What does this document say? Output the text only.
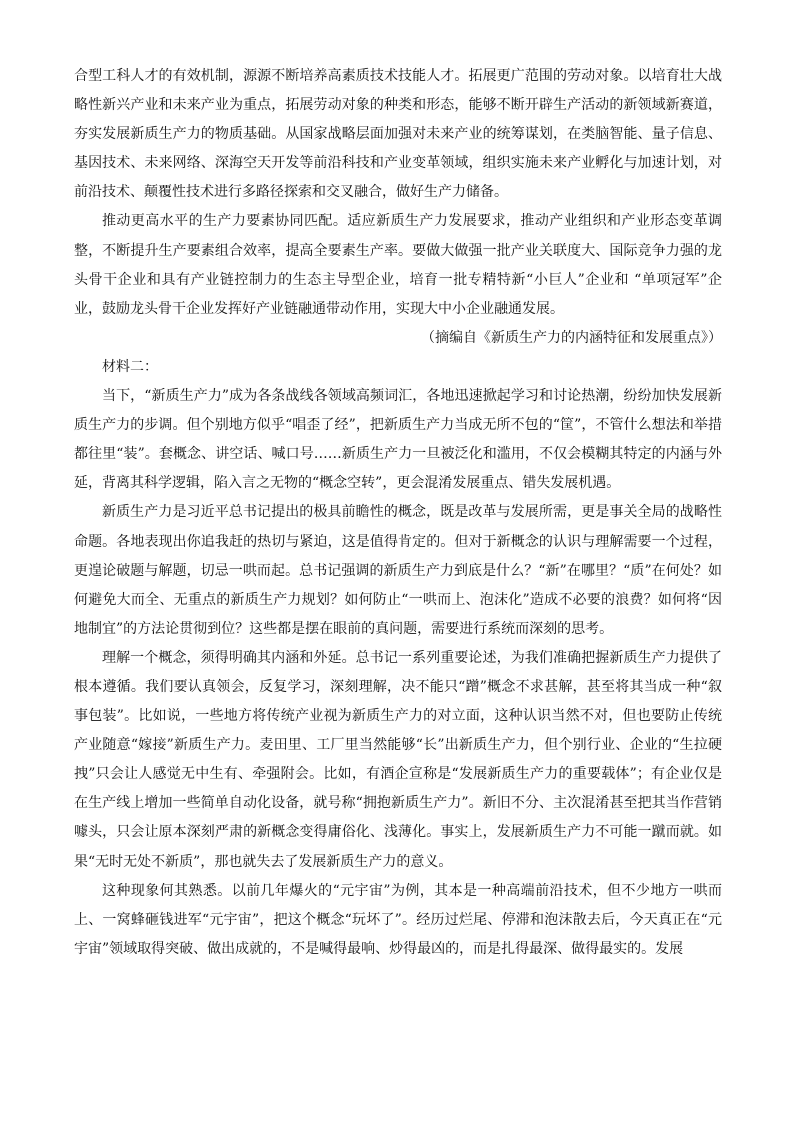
合型工科人才的有效机制，源源不断培养高素质技术技能人才。拓展更广范围的劳动对象。以培育壮大战略性新兴产业和未来产业为重点，拓展劳动对象的种类和形态，能够不断开辟生产活动的新领域新赛道，夯实发展新质生产力的物质基础。从国家战略层面加强对未来产业的统筹谋划，在类脑智能、量子信息、基因技术、未来网络、深海空天开发等前沿科技和产业变革领域，组织实施未来产业孵化与加速计划，对前沿技术、颠覆性技术进行多路径探索和交叉融合，做好生产力储备。

推动更高水平的生产力要素协同匹配。适应新质生产力发展要求，推动产业组织和产业形态变革调整，不断提升生产要素组合效率，提高全要素生产率。要做大做强一批产业关联度大、国际竞争力强的龙头骨干企业和具有产业链控制力的生态主导型企业，培育一批专精特新“小巨人”企业和 “单项冠军”企业，鼓励龙头骨干企业发挥好产业链融通带动作用，实现大中小企业融通发展。

（摘编自《新质生产力的内涵特征和发展重点》）

材料二：

当下，“新质生产力”成为各条战线各领域高频词汇，各地迅速掀起学习和讨论热潮，纷纷加快发展新质生产力的步调。但个别地方似乎“唱歪了经”，把新质生产力当成无所不包的“筐”，不管什么想法和举措都往里“装”。套概念、讲空话、喊口号……新质生产力一旦被泛化和滥用，不仅会模糊其特定的内涵与外延，背离其科学逻辑，陷入言之无物的“概念空转”，更会混淆发展重点、错失发展机遇。

新质生产力是习近平总书记提出的极具前瞻性的概念，既是改革与发展所需，更是事关全局的战略性命题。各地表现出你追我赶的热切与紧迫，这是值得肯定的。但对于新概念的认识与理解需要一个过程，更遑论破题与解题，切忌一哄而起。总书记强调的新质生产力到底是什么？“新”在哪里？“质”在何处？如何避免大而全、无重点的新质生产力规划？如何防止“一哄而上、泡沫化”造成不必要的浪费？如何将“因地制宜”的方法论贯彻到位？这些都是摆在眼前的真问题，需要进行系统而深刻的思考。

理解一个概念，须得明确其内涵和外延。总书记一系列重要论述，为我们准确把握新质生产力提供了根本遵循。我们要认真领会，反复学习，深刻理解，决不能只“蹭”概念不求甚解，甚至将其当成一种“叙事包装”。比如说，一些地方将传统产业视为新质生产力的对立面，这种认识当然不对，但也要防止传统产业随意“嫁接”新质生产力。麦田里、工厂里当然能够“长”出新质生产力，但个别行业、企业的“生拉硬拽”只会让人感觉无中生有、牵强附会。比如，有酒企宣称是“发展新质生产力的重要载体”；有企业仅是在生产线上增加一些简单自动化设备，就号称“拥抱新质生产力”。新旧不分、主次混淆甚至把其当作营销噱头，只会让原本深刻严肃的新概念变得庸俗化、浅薄化。事实上，发展新质生产力不可能一蹴而就。如果“无时无处不新质”，那也就失去了发展新质生产力的意义。

这种现象何其熟悉。以前几年爆火的“元宇宙”为例，其本是一种高端前沿技术，但不少地方一哄而上、一窝蜂砸钱进军“元宇宙”，把这个概念“玩坏了”。经历过烂尾、停滞和泡沫散去后，今天真正在“元宇宙”领域取得突破、做出成就的，不是喊得最响、炒得最凶的，而是扎得最深、做得最实的。发展
